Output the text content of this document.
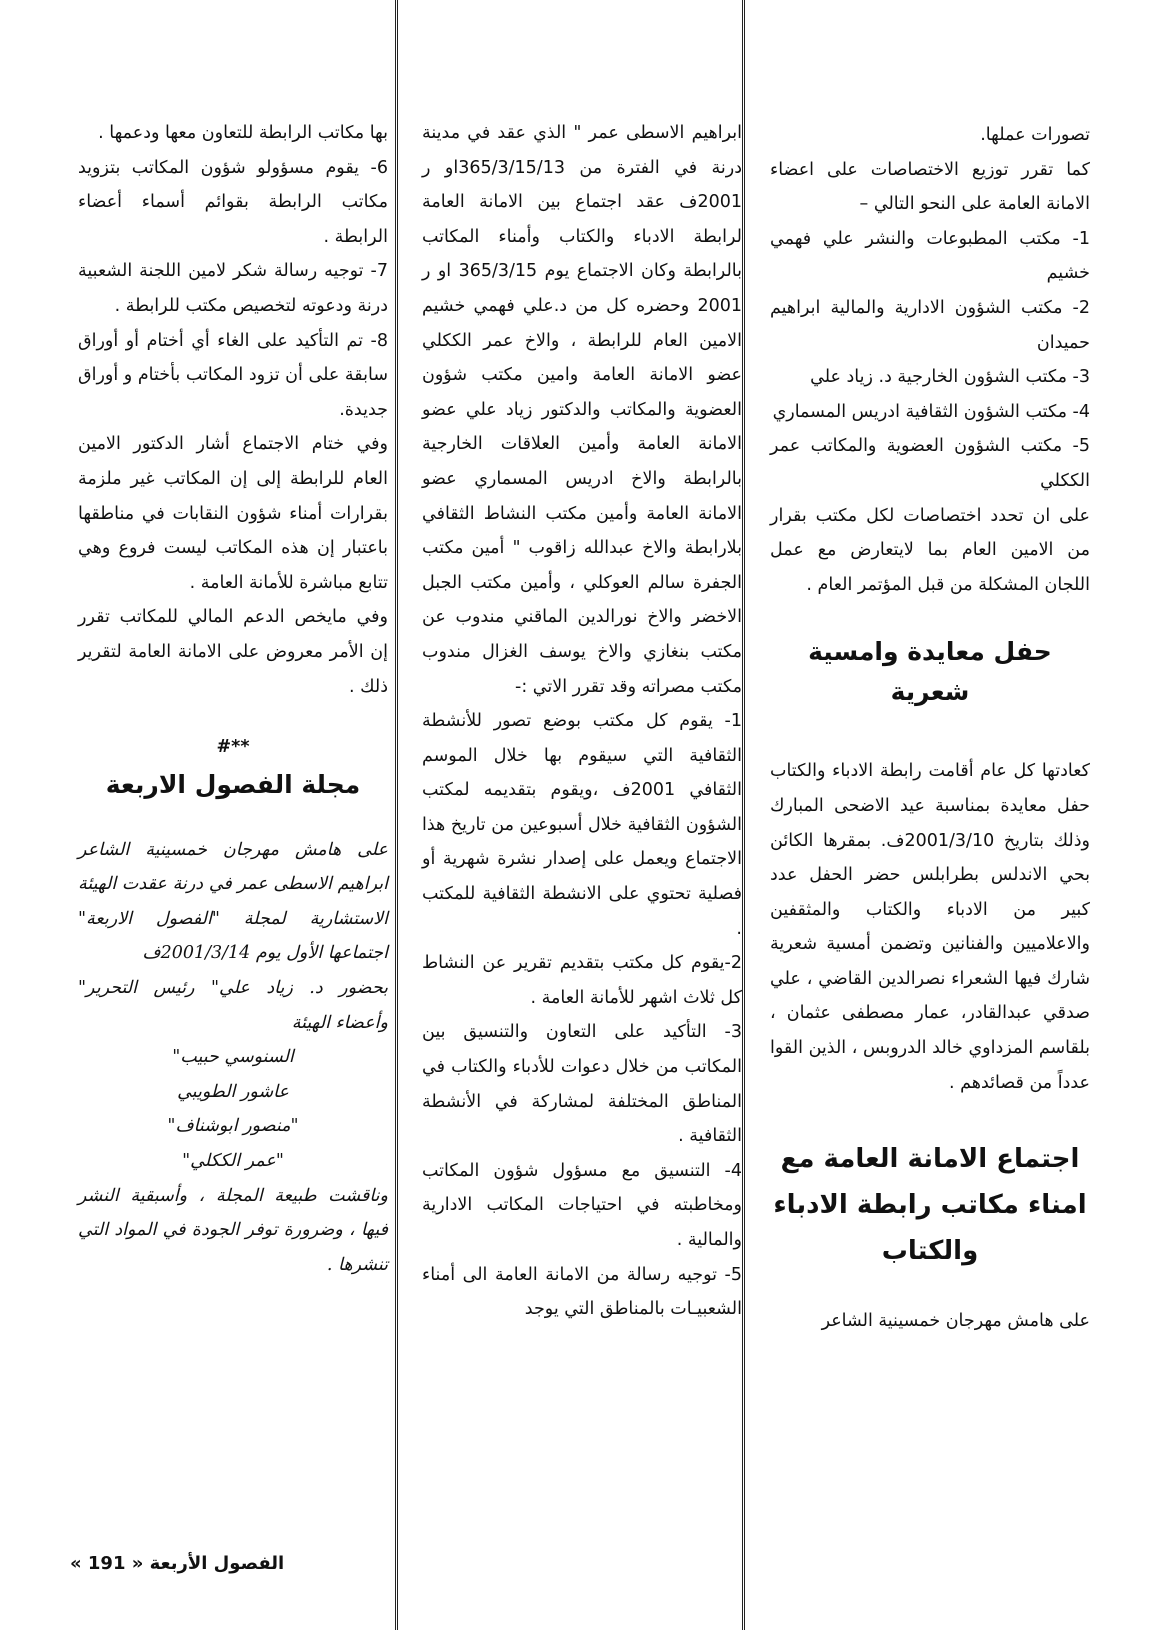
تصورات عملها.

كما تقرر توزيع الاختصاصات على اعضاء الامانة العامة على النحو التالي –

1- مكتب المطبوعات والنشر علي فهمي خشيم

2- مكتب الشؤون الادارية والمالية ابراهيم حميدان

3- مكتب الشؤون الخارجية د. زياد علي

4- مكتب الشؤون الثقافية ادريس المسماري

5- مكتب الشؤون العضوية والمكاتب عمر الككلي

على ان تحدد اختصاصات لكل مكتب بقرار من الامين العام بما لايتعارض مع عمل اللجان المشكلة من قبل المؤتمر العام .

حفل معايدة وامسية شعرية

كعادتها كل عام أقامت رابطة الادباء والكتاب حفل معايدة بمناسبة عيد الاضحى المبارك وذلك بتاريخ 2001/3/10ف. بمقرها الكائن بحي الاندلس بطرابلس حضر الحفل عدد كبير من الادباء والكتاب والمثقفين والاعلاميين والفنانين وتضمن أمسية شعرية شارك فيها الشعراء نصرالدين القاضي ، علي صدقي عبدالقادر، عمار مصطفى عثمان ، بلقاسم المزداوي خالد الدروبس ، الذين القوا عدداً من قصائدهم .

اجتماع الامانة العامة مع امناء مكاتب رابطة الادباء والكتاب

على هامش مهرجان خمسينية الشاعر

ابراهيم الاسطى عمر " الذي عقد في مدينة درنة في الفترة من 365/3/15/13او ر 2001ف عقد اجتماع بين الامانة العامة لرابطة الادباء والكتاب وأمناء المكاتب بالرابطة وكان الاجتماع يوم 365/3/15 او ر 2001 وحضره كل من د.علي فهمي خشيم الامين العام للرابطة ، والاخ عمر الككلي عضو الامانة العامة وامين مكتب شؤون العضوية والمكاتب والدكتور زياد علي عضو الامانة العامة وأمين العلاقات الخارجية بالرابطة والاخ ادريس المسماري عضو الامانة العامة وأمين مكتب النشاط الثقافي بلارابطة والاخ عبدالله زاقوب " أمين مكتب الجفرة سالم العوكلي ، وأمين مكتب الجبل الاخضر والاخ نورالدين الماقني مندوب عن مكتب بنغازي والاخ يوسف الغزال مندوب مكتب مصراته وقد تقرر الاتي :-

1- يقوم كل مكتب بوضع تصور للأنشطة الثقافية التي سيقوم بها خلال الموسم الثقافي 2001ف ،ويقوم بتقديمه لمكتب الشؤون الثقافية خلال أسبوعين من تاريخ هذا الاجتماع ويعمل على إصدار نشرة شهرية أو فصلية تحتوي على الانشطة الثقافية للمكتب .

2-يقوم كل مكتب بتقديم تقرير عن النشاط كل ثلاث اشهر للأمانة العامة .

3- التأكيد على التعاون والتنسيق بين المكاتب من خلال دعوات للأدباء والكتاب في المناطق المختلفة لمشاركة في الأنشطة الثقافية .

4- التنسيق مع مسؤول شؤون المكاتب ومخاطبته في احتياجات المكاتب الادارية والمالية .

5- توجيه رسالة من الامانة العامة الى أمناء الشعبيـات بالمناطق التي يوجد

بها مكاتب الرابطة للتعاون معها ودعمها .

6- يقوم مسؤولو شؤون المكاتب بتزويد مكاتب الرابطة بقوائم أسماء أعضاء الرابطة .

7- توجيه رسالة شكر لامين اللجنة الشعبية درنة ودعوته لتخصيص مكتب للرابطة .

8- تم التأكيد على الغاء أي أختام أو أوراق سابقة على أن تزود المكاتب بأختام و أوراق جديدة.

وفي ختام الاجتماع أشار الدكتور الامين العام للرابطة إلى إن المكاتب غير ملزمة بقرارات أمناء شؤون النقابات في مناطقها باعتبار إن هذه المكاتب ليست فروع وهي تتابع مباشرة للأمانة العامة .

وفي مايخص الدعم المالي للمكاتب تقرر إن الأمر معروض على الامانة العامة لتقرير ذلك .

**#

مجلة الفصول الاربعة

على هامش مهرجان خمسينية الشاعر ابراهيم الاسطى عمر في درنة عقدت الهيئة الاستشارية لمجلة "الفصول الاربعة" اجتماعها الأول يوم 2001/3/14ف

بحضور د. زياد علي" رئيس التحرير" وأعضاء الهيئة

السنوسي حبيب"

عاشور الطويبي

"منصور ابوشناف"

"عمر الككلي"

وناقشت طبيعة المجلة ، وأسبقية النشر فيها ، وضرورة توفر الجودة في المواد التي تنشرها .

الفصول الأربعة « 191 »
